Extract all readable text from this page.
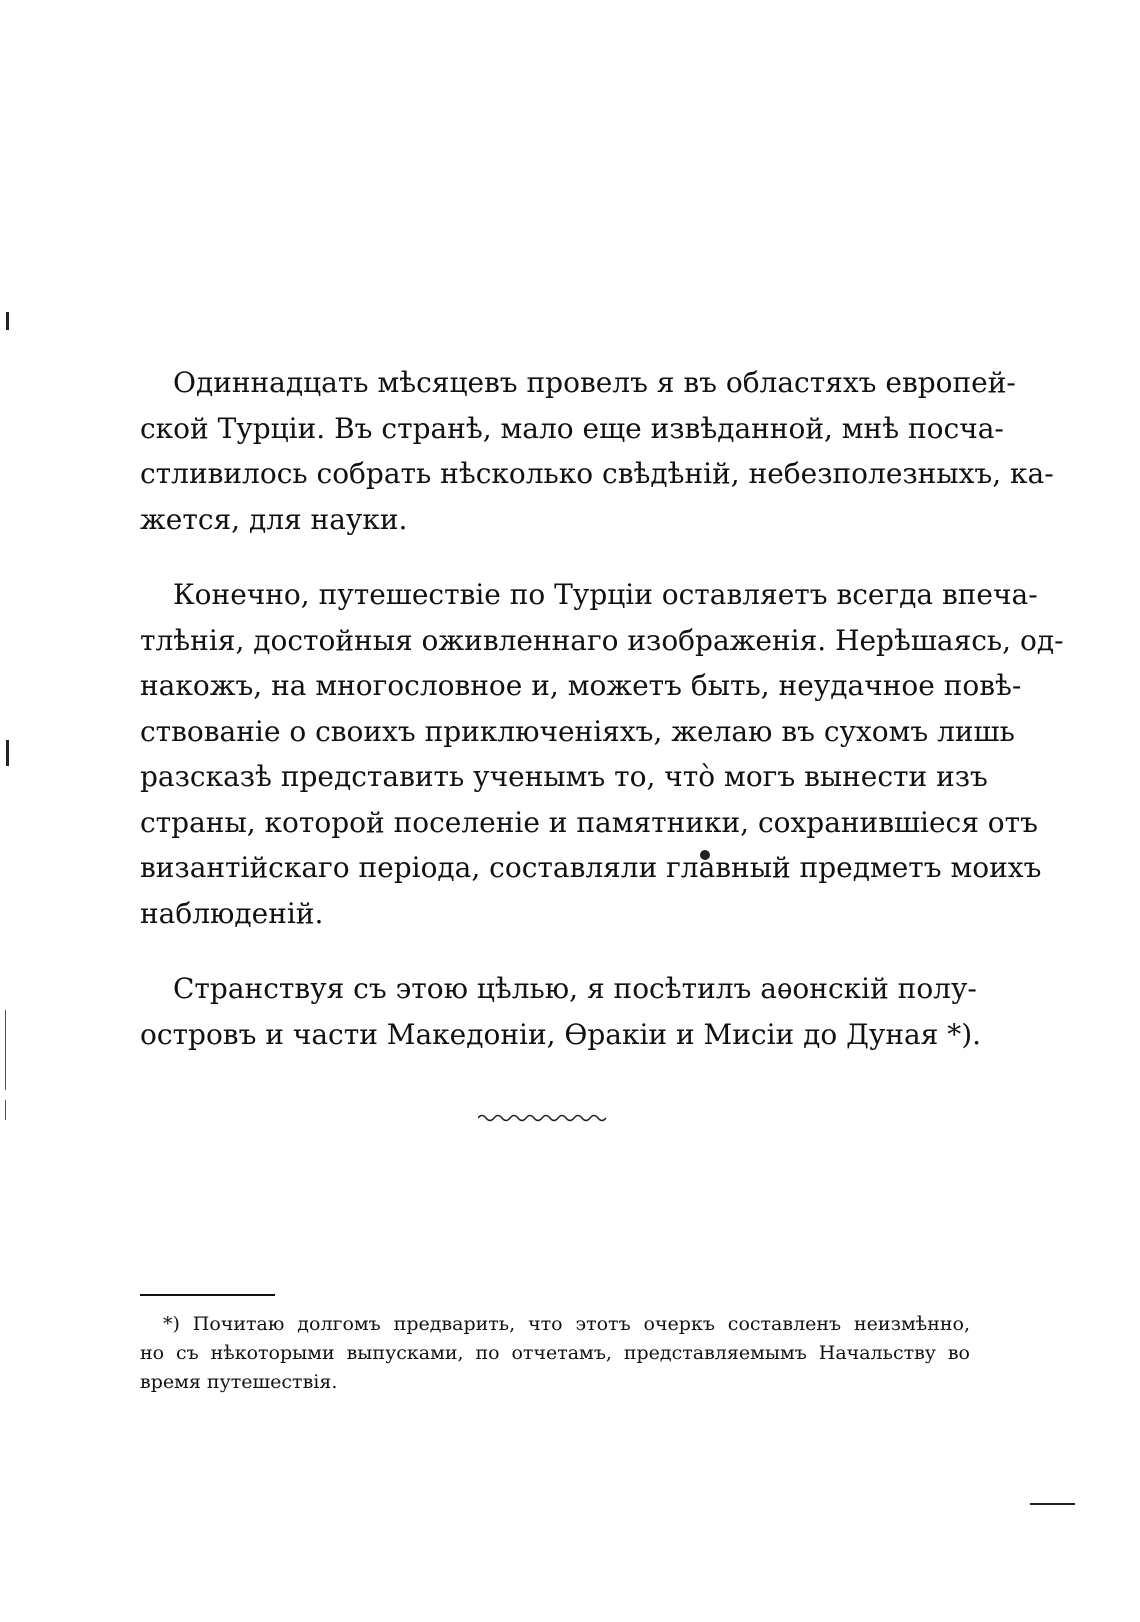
Одиннадцать мѣсяцевъ провелъ я въ областяхъ европей-
ской Турціи. Въ странѣ, мало еще извѣданной, мнѣ посча-
стливилось собрать нѣсколько свѣдѣній, небезполезныхъ, ка-
жется, для науки.
Конечно, путешествіе по Турціи оставляетъ всегда впеча-
тлѣнія, достойныя оживленнаго изображенія. Нерѣшаясь, од-
накожъ, на многословное и, можетъ быть, неудачное повѣ-
ствованіе о своихъ приключеніяхъ, желаю въ сухомъ лишь
разсказѣ представить ученымъ то, что̀ могъ вынести изъ
страны, которой поселеніе и памятники, сохранившіеся отъ
византійскаго періода, составляли главный предметъ моихъ
наблюденій.
Странствуя съ этою цѣлью, я посѣтилъ аѳонскій полу-
островъ и части Македоніи, Ѳракіи и Мисіи до Дуная *).
*) Почитаю долгомъ предварить, что этотъ очеркъ составленъ неизмѣнно,
но съ нѣкоторыми выпусками, по отчетамъ, представляемымъ Начальству во
время путешествія.
